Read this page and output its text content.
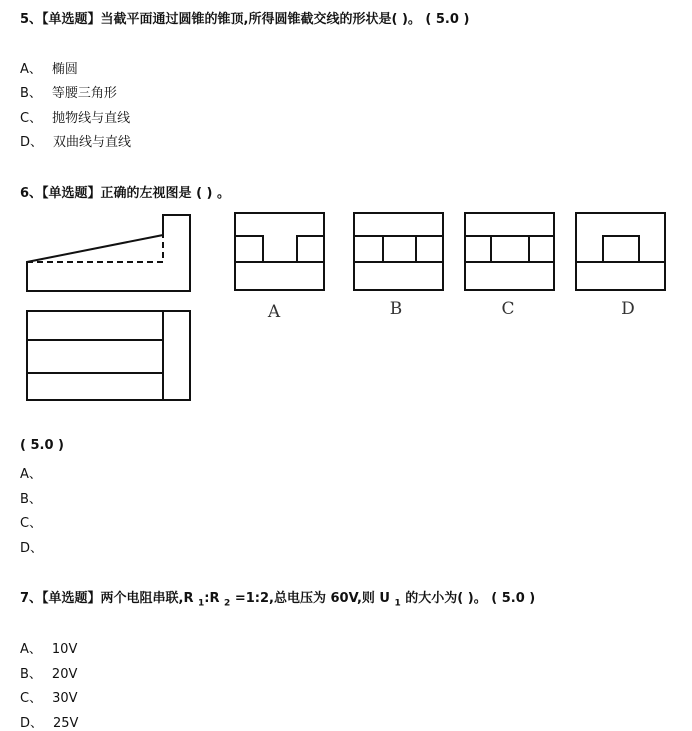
5、【单选题】当截平面通过圆锥的锥顶,所得圆锥截交线的形状是( )。 ( 5.0 )
A、 椭圆
B、 等腰三角形
C、 抛物线与直线
D、 双曲线与直线
6、【单选题】正确的左视图是 ( ) 。
A	B	C	D
( 5.0 )
A、
B、
C、
D、
7、【单选题】两个电阻串联,R $_1$:R $_2$ =1:2,总电压为 60V,则 U $_1$ 的大小为( )。 ( 5.0 )
A、 10V
B、 20V
C、 30V
D、 25V
